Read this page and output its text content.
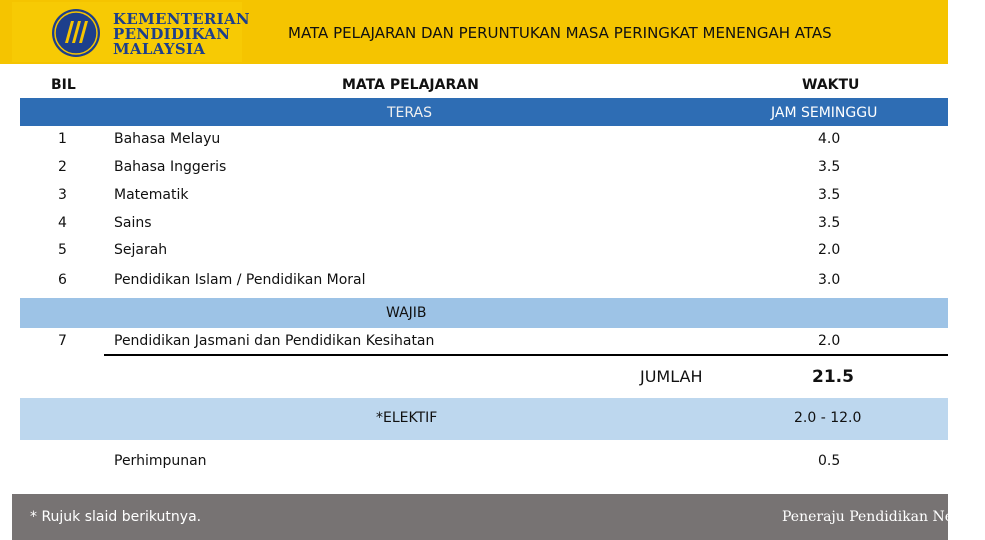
KEMENTERIAN
PENDIDIKAN
MALAYSIA
MATA PELAJARAN DAN PERUNTUKAN MASA PERINGKAT MENENGAH ATAS
BIL	MATA PELAJARAN	WAKTU
TERAS	JAM SEMINGGU
1	Bahasa Melayu	4.0
2	Bahasa Inggeris	3.5
3	Matematik	3.5
4	Sains	3.5
5	Sejarah	2.0
6	Pendidikan Islam / Pendidikan Moral	3.0
WAJIB
7	Pendidikan Jasmani dan Pendidikan Kesihatan	2.0
JUMLAH	21.5
*ELEKTIF	2.0 - 12.0
Perhimpunan	0.5
* Rujuk slaid berikutnya.	Peneraju Pendidikan Negara
